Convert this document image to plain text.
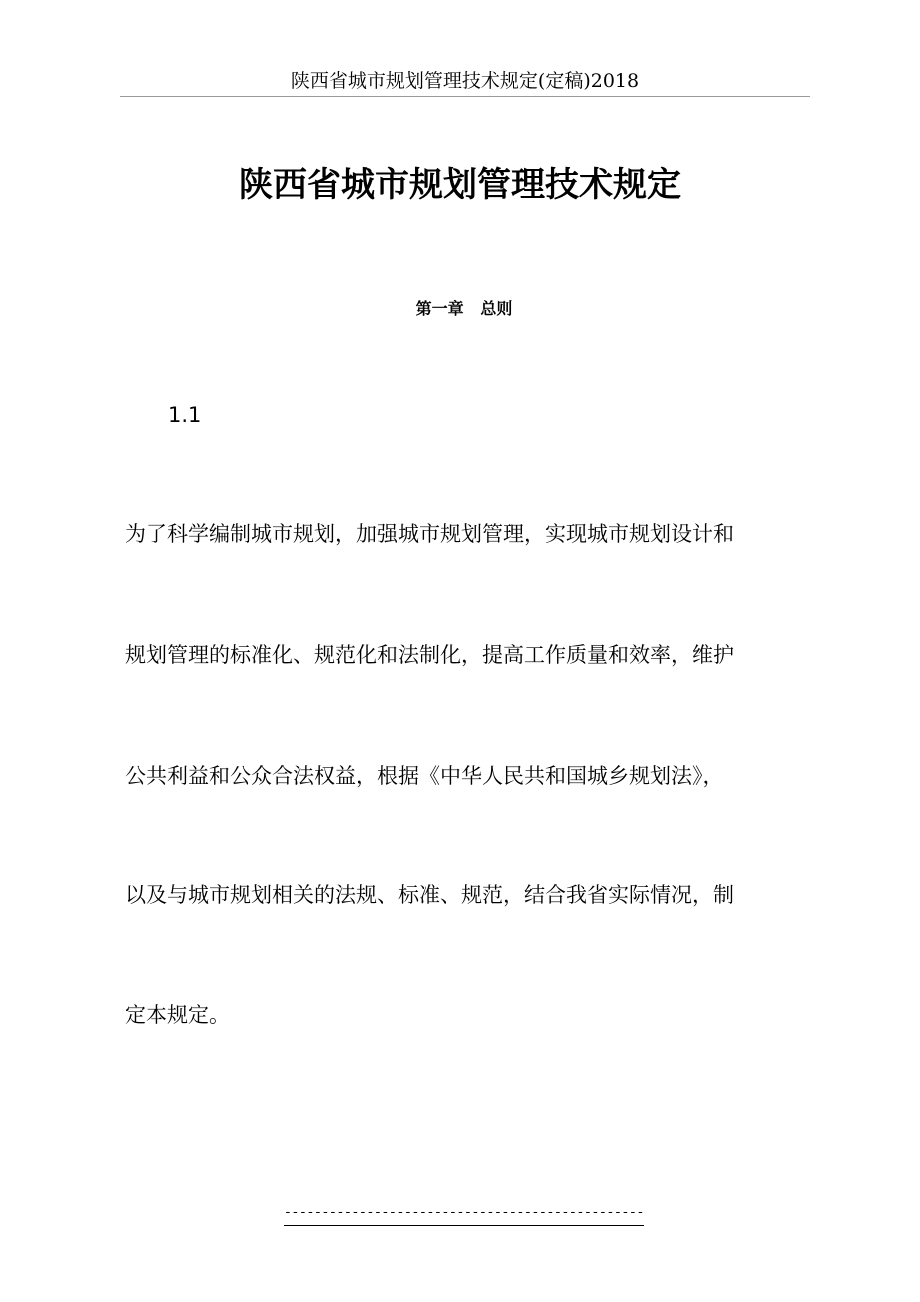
陕西省城市规划管理技术规定(定稿)2018
陕西省城市规划管理技术规定
第一章   总则
1.1
为了科学编制城市规划，加强城市规划管理，实现城市规划设计和
规划管理的标准化、规范化和法制化，提高工作质量和效率，维护
公共利益和公众合法权益，根据《中华人民共和国城乡规划法》，
以及与城市规划相关的法规、标准、规范，结合我省实际情况，制
定本规定。
------------------------------------------------
